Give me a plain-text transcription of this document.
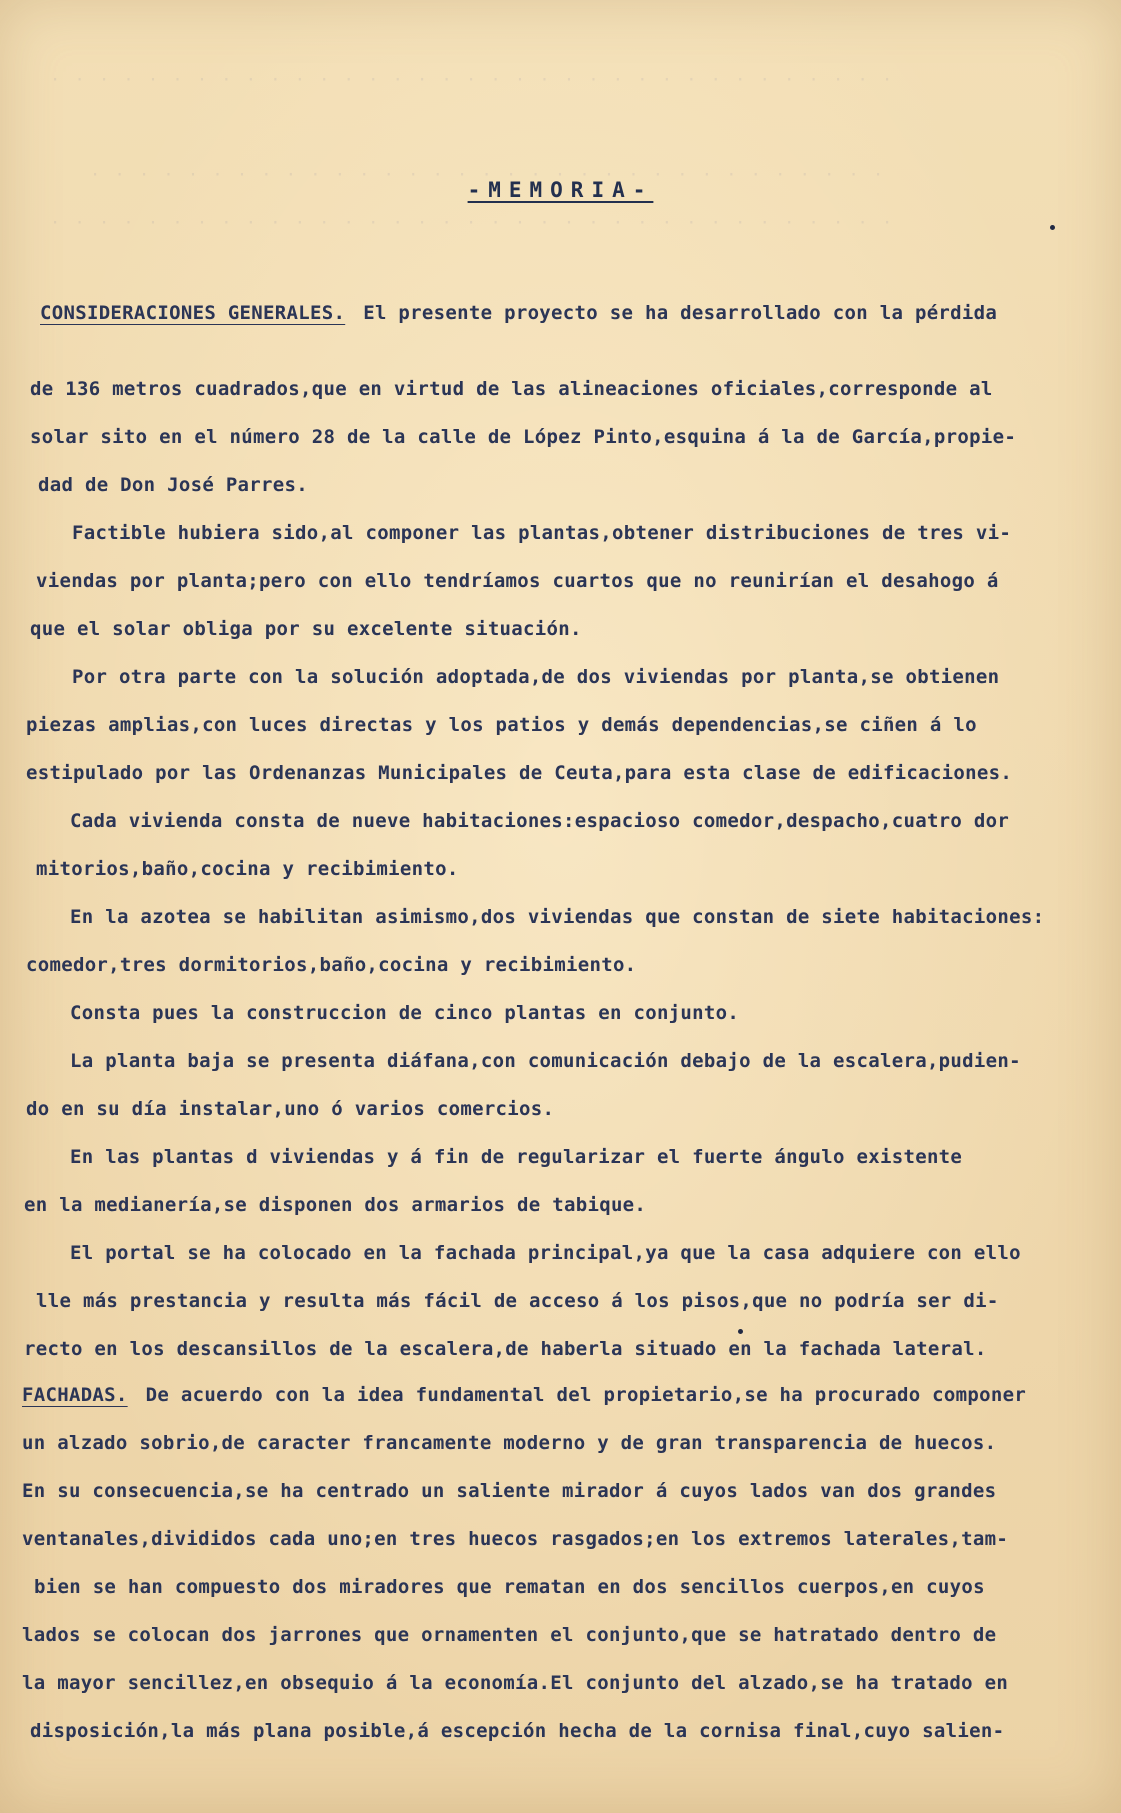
· · · · · · · · · · · · · · · · · · · · · · · · · · · · · · · · · · ·
· · · · · · · · · · · · · · · · · · · · · · · · · · · · · · · · ·
· · · · · · · · · · · · · · · · · · · · · · · · · · · · · · · · · · ·
-MEMORIA-
CONSIDERACIONES GENERALES. El presente proyecto se ha desarrollado con la pérdida
de 136 metros cuadrados,que en virtud de las alineaciones oficiales,corresponde al
solar sito en el número 28 de la calle de López Pinto,esquina á la de García,propie-
dad de Don José Parres.
Factible hubiera sido,al componer las plantas,obtener distribuciones de tres vi-
viendas por planta;pero con ello tendríamos cuartos que no reunirían el desahogo á
que el solar obliga por su excelente situación.
Por otra parte con la solución adoptada,de dos viviendas por planta,se obtienen
piezas amplias,con luces directas y los patios y demás dependencias,se ciñen á lo
estipulado por las Ordenanzas Municipales de Ceuta,para esta clase de edificaciones.
Cada vivienda consta de nueve habitaciones:espacioso comedor,despacho,cuatro dor
mitorios,baño,cocina y recibimiento.
En la azotea se habilitan asimismo,dos viviendas que constan de siete habitaciones:
comedor,tres dormitorios,baño,cocina y recibimiento.
Consta pues la construccion de cinco plantas en conjunto.
La planta baja se presenta diáfana,con comunicación debajo de la escalera,pudien-
do en su día instalar,uno ó varios comercios.
En las plantas d viviendas y á fin de regularizar el fuerte ángulo existente
en la medianería,se disponen dos armarios de tabique.
El portal se ha colocado en la fachada principal,ya que la casa adquiere con ello
lle más prestancia y resulta más fácil de acceso á los pisos,que no podría ser di-
recto en los descansillos de la escalera,de haberla situado en la fachada lateral.
FACHADAS. De acuerdo con la idea fundamental del propietario,se ha procurado componer
un alzado sobrio,de caracter francamente moderno y de gran transparencia de huecos.
En su consecuencia,se ha centrado un saliente mirador á cuyos lados van dos grandes
ventanales,divididos cada uno;en tres huecos rasgados;en los extremos laterales,tam-
bien se han compuesto dos miradores que rematan en dos sencillos cuerpos,en cuyos
lados se colocan dos jarrones que ornamenten el conjunto,que se hatratado dentro de
la mayor sencillez,en obsequio á la economía.El conjunto del alzado,se ha tratado en
disposición,la más plana posible,á escepción hecha de la cornisa final,cuyo salien-
